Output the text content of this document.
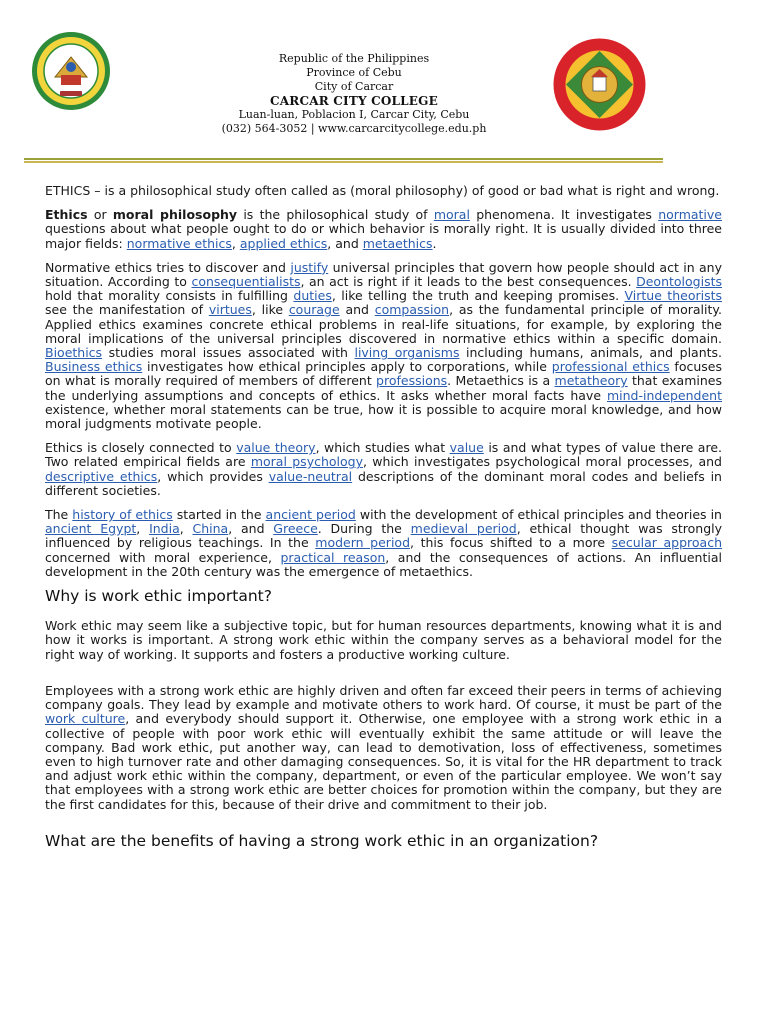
Republic of the Philippines
Province of Cebu
City of Carcar
CARCAR CITY COLLEGE
Luan-luan, Poblacion I, Carcar City, Cebu
(032) 564-3052 | www.carcarcitycollege.edu.ph

ETHICS – is a philosophical study often called as (moral philosophy) of good or bad what is right and wrong.

Ethics or moral philosophy is the philosophical study of moral phenomena. It investigates normative questions about what people ought to do or which behavior is morally right. It is usually divided into three major fields: normative ethics, applied ethics, and metaethics.

Normative ethics tries to discover and justify universal principles that govern how people should act in any situation. According to consequentialists, an act is right if it leads to the best consequences. Deontologists hold that morality consists in fulfilling duties, like telling the truth and keeping promises. Virtue theorists see the manifestation of virtues, like courage and compassion, as the fundamental principle of morality. Applied ethics examines concrete ethical problems in real-life situations, for example, by exploring the moral implications of the universal principles discovered in normative ethics within a specific domain. Bioethics studies moral issues associated with living organisms including humans, animals, and plants. Business ethics investigates how ethical principles apply to corporations, while professional ethics focuses on what is morally required of members of different professions. Metaethics is a metatheory that examines the underlying assumptions and concepts of ethics. It asks whether moral facts have mind-independent existence, whether moral statements can be true, how it is possible to acquire moral knowledge, and how moral judgments motivate people.

Ethics is closely connected to value theory, which studies what value is and what types of value there are. Two related empirical fields are moral psychology, which investigates psychological moral processes, and descriptive ethics, which provides value-neutral descriptions of the dominant moral codes and beliefs in different societies.

The history of ethics started in the ancient period with the development of ethical principles and theories in ancient Egypt, India, China, and Greece. During the medieval period, ethical thought was strongly influenced by religious teachings. In the modern period, this focus shifted to a more secular approach concerned with moral experience, practical reason, and the consequences of actions. An influential development in the 20th century was the emergence of metaethics.

Why is work ethic important?

Work ethic may seem like a subjective topic, but for human resources departments, knowing what it is and how it works is important. A strong work ethic within the company serves as a behavioral model for the right way of working. It supports and fosters a productive working culture.

Employees with a strong work ethic are highly driven and often far exceed their peers in terms of achieving company goals. They lead by example and motivate others to work hard. Of course, it must be part of the work culture, and everybody should support it. Otherwise, one employee with a strong work ethic in a collective of people with poor work ethic will eventually exhibit the same attitude or will leave the company. Bad work ethic, put another way, can lead to demotivation, loss of effectiveness, sometimes even to high turnover rate and other damaging consequences. So, it is vital for the HR department to track and adjust work ethic within the company, department, or even of the particular employee. We won’t say that employees with a strong work ethic are better choices for promotion within the company, but they are the first candidates for this, because of their drive and commitment to their job.

What are the benefits of having a strong work ethic in an organization?
